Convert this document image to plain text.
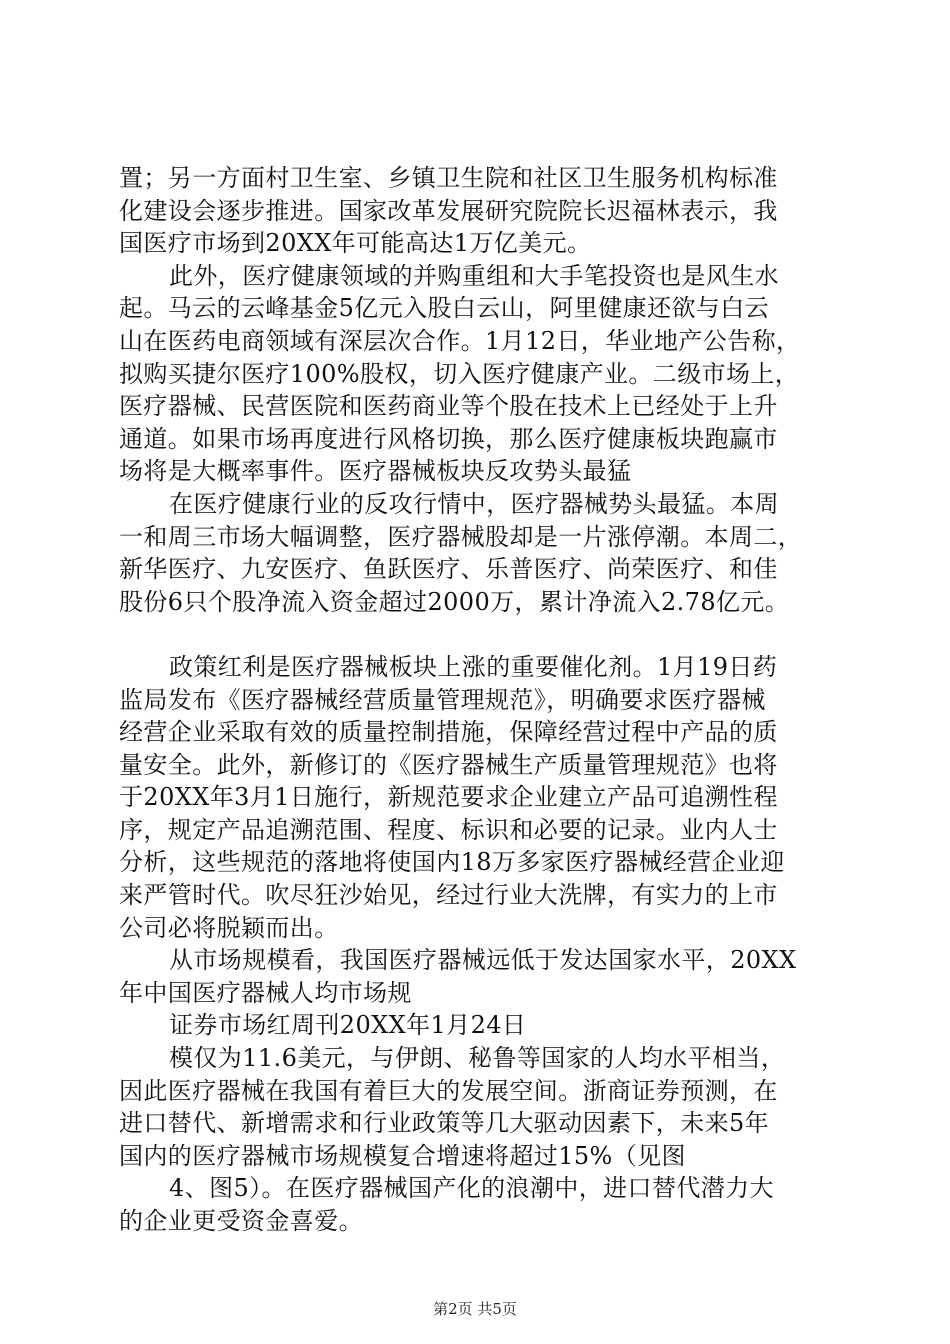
置；另一方面村卫生室、乡镇卫生院和社区卫生服务机构标准
化建设会逐步推进。国家改革发展研究院院长迟福林表示，我
国医疗市场到20XX年可能高达1万亿美元。
此外，医疗健康领域的并购重组和大手笔投资也是风生水
起。马云的云峰基金5亿元入股白云山，阿里健康还欲与白云
山在医药电商领域有深层次合作。1月12日，华业地产公告称，
拟购买捷尔医疗100%股权，切入医疗健康产业。二级市场上，
医疗器械、民营医院和医药商业等个股在技术上已经处于上升
通道。如果市场再度进行风格切换，那么医疗健康板块跑赢市
场将是大概率事件。医疗器械板块反攻势头最猛
在医疗健康行业的反攻行情中，医疗器械势头最猛。本周
一和周三市场大幅调整，医疗器械股却是一片涨停潮。本周二，
新华医疗、九安医疗、鱼跃医疗、乐普医疗、尚荣医疗、和佳
股份6只个股净流入资金超过2000万，累计净流入2.78亿元。
政策红利是医疗器械板块上涨的重要催化剂。1月19日药
监局发布《医疗器械经营质量管理规范》，明确要求医疗器械
经营企业采取有效的质量控制措施，保障经营过程中产品的质
量安全。此外，新修订的《医疗器械生产质量管理规范》也将
于20XX年3月1日施行，新规范要求企业建立产品可追溯性程
序，规定产品追溯范围、程度、标识和必要的记录。业内人士
分析，这些规范的落地将使国内18万多家医疗器械经营企业迎
来严管时代。吹尽狂沙始见，经过行业大洗牌，有实力的上市
公司必将脱颖而出。
从市场规模看，我国医疗器械远低于发达国家水平，20XX
年中国医疗器械人均市场规
证券市场红周刊20XX年1月24日
模仅为11.6美元，与伊朗、秘鲁等国家的人均水平相当，
因此医疗器械在我国有着巨大的发展空间。浙商证券预测，在
进口替代、新增需求和行业政策等几大驱动因素下，未来5年
国内的医疗器械市场规模复合增速将超过15%（见图
4、图5）。在医疗器械国产化的浪潮中，进口替代潜力大
的企业更受资金喜爱。
第2页 共5页
